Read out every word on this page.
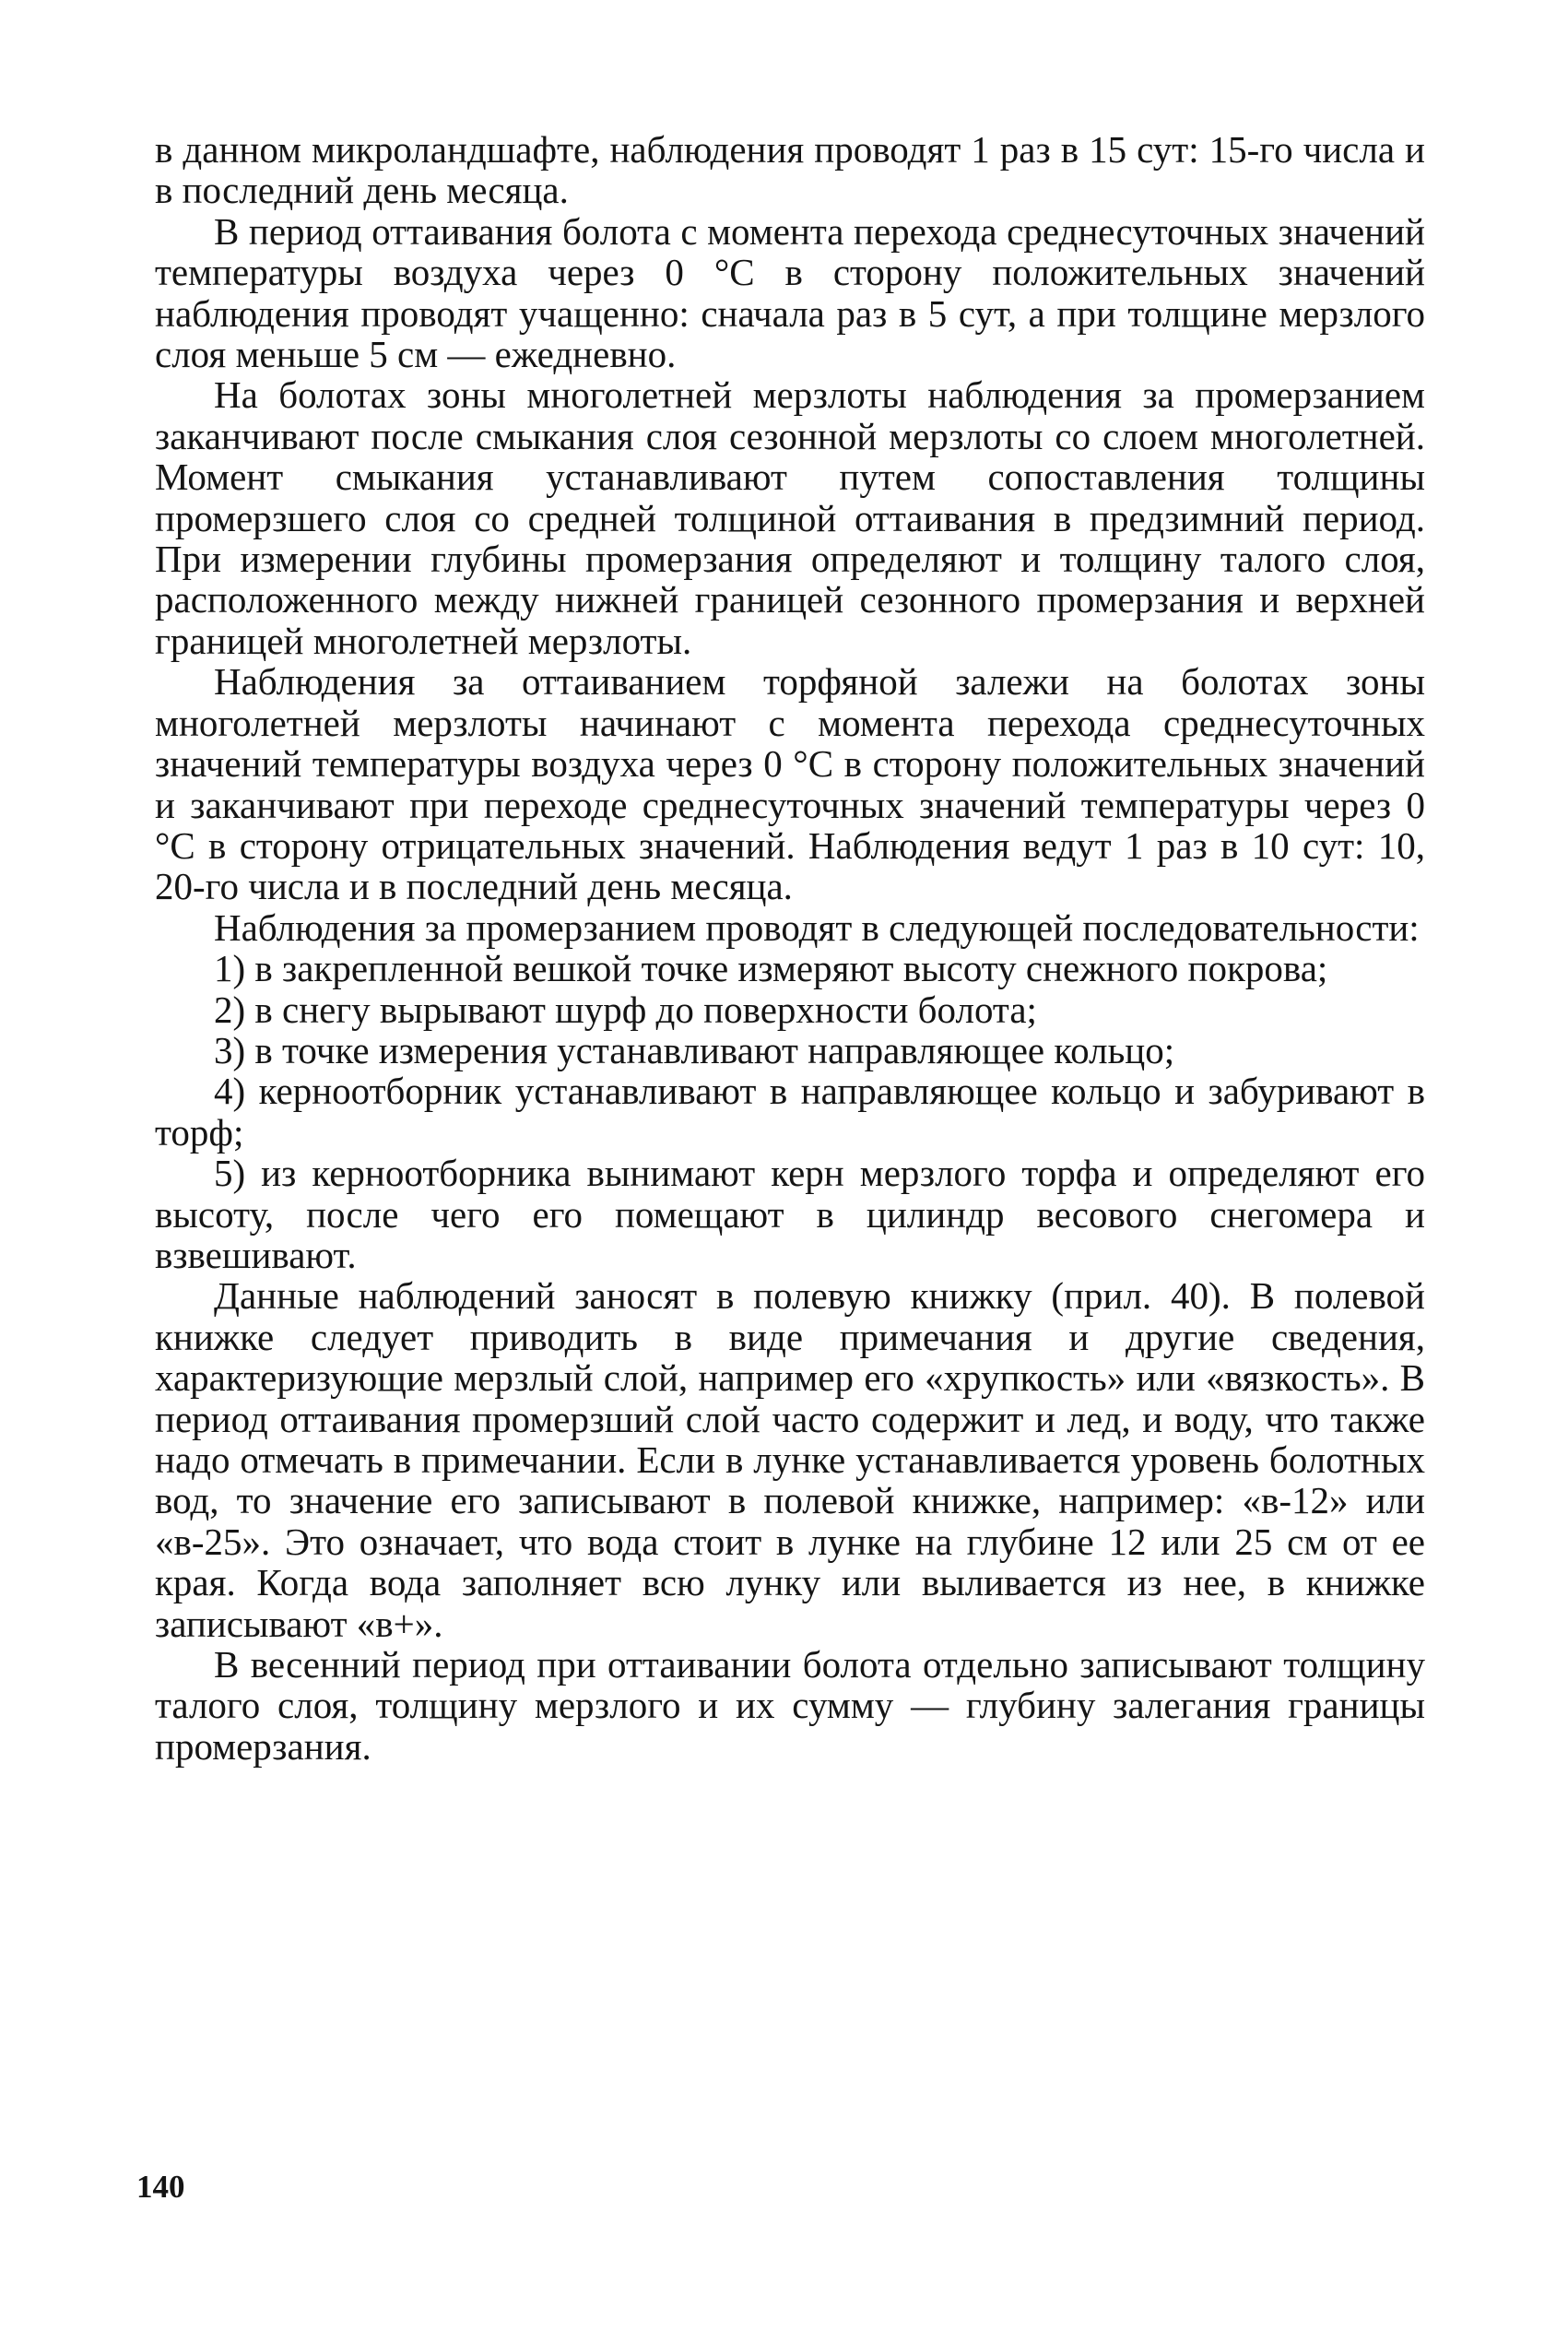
в данном микроландшафте, наблюдения проводят 1 раз в 15 сут: 15-го числа и в последний день месяца.

В период оттаивания болота с момента перехода среднесуточных значений температуры воздуха через 0 °С в сторону положительных значений наблюдения проводят учащенно: сначала раз в 5 сут, а при толщине мерзлого слоя меньше 5 см — ежедневно.

На болотах зоны многолетней мерзлоты наблюдения за промерзанием заканчивают после смыкания слоя сезонной мерзлоты со слоем многолетней. Момент смыкания устанавливают путем сопоставления толщины промерзшего слоя со средней толщиной оттаивания в предзимний период. При измерении глубины промерзания определяют и толщину талого слоя, расположенного между нижней границей сезонного промерзания и верхней границей многолетней мерзлоты.

Наблюдения за оттаиванием торфяной залежи на болотах зоны многолетней мерзлоты начинают с момента перехода среднесуточных значений температуры воздуха через 0 °С в сторону положительных значений и заканчивают при переходе среднесуточных значений температуры через 0 °С в сторону отрицательных значений. Наблюдения ведут 1 раз в 10 сут: 10, 20-го числа и в последний день месяца.

Наблюдения за промерзанием проводят в следующей последовательности:

1) в закрепленной вешкой точке измеряют высоту снежного покрова;

2) в снегу вырывают шурф до поверхности болота;

3) в точке измерения устанавливают направляющее кольцо;

4) керноотборник устанавливают в направляющее кольцо и забуривают в торф;

5) из керноотборника вынимают керн мерзлого торфа и определяют его высоту, после чего его помещают в цилиндр весового снегомера и взвешивают.

Данные наблюдений заносят в полевую книжку (прил. 40). В полевой книжке следует приводить в виде примечания и другие сведения, характеризующие мерзлый слой, например его «хрупкость» или «вязкость». В период оттаивания промерзший слой часто содержит и лед, и воду, что также надо отмечать в примечании. Если в лунке устанавливается уровень болотных вод, то значение его записывают в полевой книжке, например: «в-12» или «в-25». Это означает, что вода стоит в лунке на глубине 12 или 25 см от ее края. Когда вода заполняет всю лунку или выливается из нее, в книжке записывают «в+».

В весенний период при оттаивании болота отдельно записывают толщину талого слоя, толщину мерзлого и их сумму — глубину залегания границы промерзания.

140
